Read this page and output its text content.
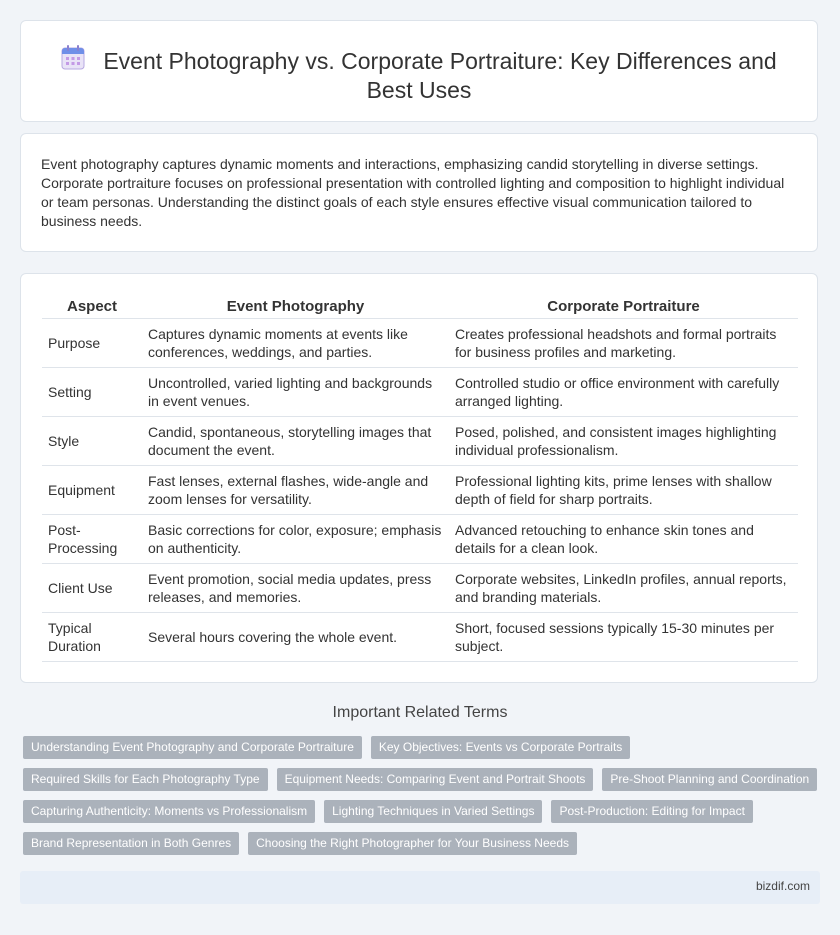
Event Photography vs. Corporate Portraiture: Key Differences and Best Uses
Event photography captures dynamic moments and interactions, emphasizing candid storytelling in diverse settings. Corporate portraiture focuses on professional presentation with controlled lighting and composition to highlight individual or team personas. Understanding the distinct goals of each style ensures effective visual communication tailored to business needs.
Aspect	Event Photography	Corporate Portraiture
Purpose	Captures dynamic moments at events like conferences, weddings, and parties.	Creates professional headshots and formal portraits for business profiles and marketing.
Setting	Uncontrolled, varied lighting and backgrounds in event venues.	Controlled studio or office environment with carefully arranged lighting.
Style	Candid, spontaneous, storytelling images that document the event.	Posed, polished, and consistent images highlighting individual professionalism.
Equipment	Fast lenses, external flashes, wide-angle and zoom lenses for versatility.	Professional lighting kits, prime lenses with shallow depth of field for sharp portraits.
Post-Processing	Basic corrections for color, exposure; emphasis on authenticity.	Advanced retouching to enhance skin tones and details for a clean look.
Client Use	Event promotion, social media updates, press releases, and memories.	Corporate websites, LinkedIn profiles, annual reports, and branding materials.
Typical Duration	Several hours covering the whole event.	Short, focused sessions typically 15-30 minutes per subject.
Important Related Terms
Understanding Event Photography and Corporate Portraiture	Key Objectives: Events vs Corporate Portraits
Required Skills for Each Photography Type	Equipment Needs: Comparing Event and Portrait Shoots	Pre-Shoot Planning and Coordination
Capturing Authenticity: Moments vs Professionalism	Lighting Techniques in Varied Settings	Post-Production: Editing for Impact
Brand Representation in Both Genres	Choosing the Right Photographer for Your Business Needs
bizdif.com
